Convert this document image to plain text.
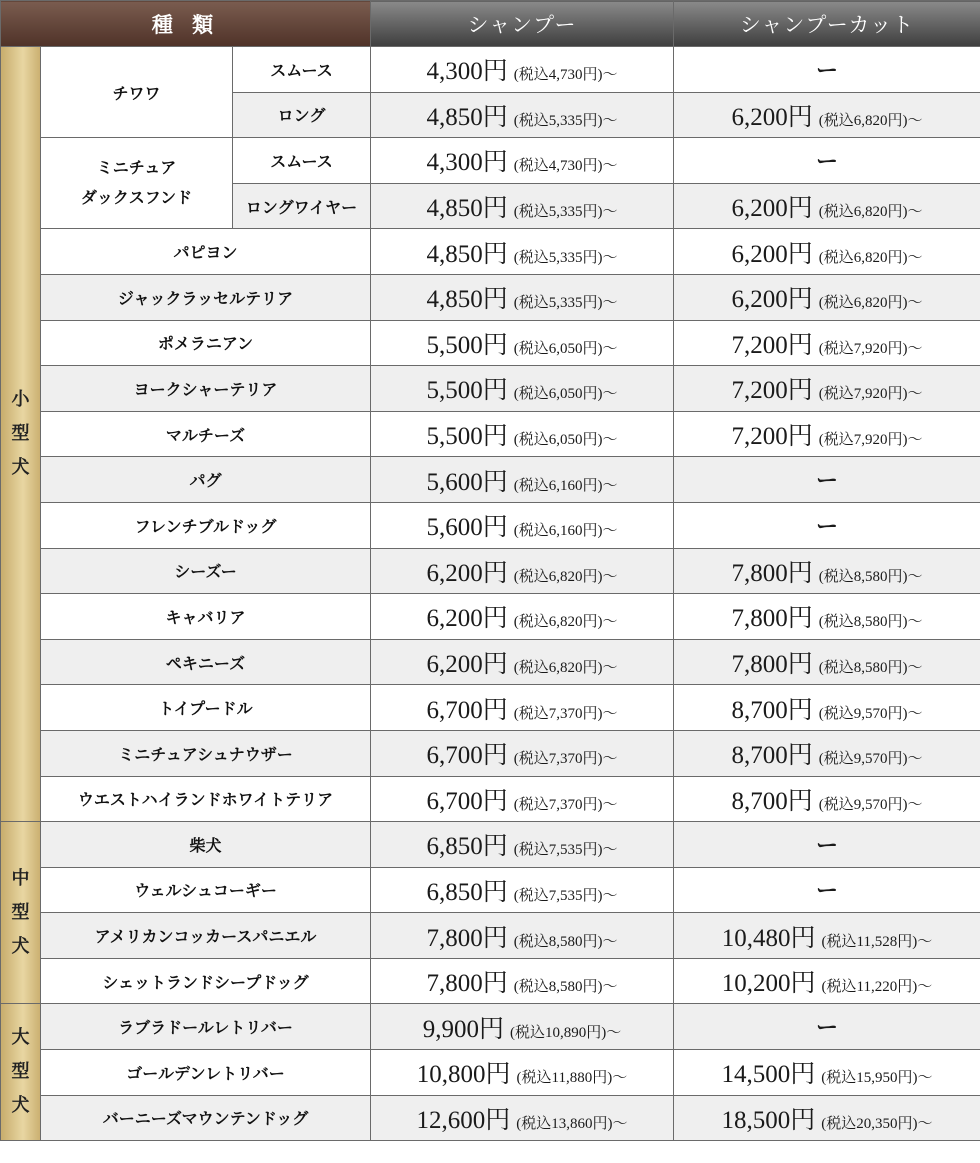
種 類			シャンプー	シャンプーカット

小
型
犬	チワワ	スムース	4,300円 (税込4,730円)～	ー
		ロング	4,850円 (税込5,335円)～	6,200円 (税込6,820円)～

	ミニチュア
ダックスフンド	スムース	4,300円 (税込4,730円)～	ー
		ロングワイヤー	4,850円 (税込5,335円)～	6,200円 (税込6,820円)～
	パピヨン		4,850円 (税込5,335円)～	6,200円 (税込6,820円)～
	ジャックラッセルテリア		4,850円 (税込5,335円)～	6,200円 (税込6,820円)～
	ポメラニアン		5,500円 (税込6,050円)～	7,200円 (税込7,920円)～
	ヨークシャーテリア		5,500円 (税込6,050円)～	7,200円 (税込7,920円)～
	マルチーズ		5,500円 (税込6,050円)～	7,200円 (税込7,920円)～
	パグ		5,600円 (税込6,160円)～	ー
	フレンチブルドッグ		5,600円 (税込6,160円)～	ー
	シーズー		6,200円 (税込6,820円)～	7,800円 (税込8,580円)～
	キャバリア		6,200円 (税込6,820円)～	7,800円 (税込8,580円)～
	ペキニーズ		6,200円 (税込6,820円)～	7,800円 (税込8,580円)～
	トイプードル		6,700円 (税込7,370円)～	8,700円 (税込9,570円)～
	ミニチュアシュナウザー		6,700円 (税込7,370円)～	8,700円 (税込9,570円)～
	ウエストハイランドホワイトテリア		6,700円 (税込7,370円)～	8,700円 (税込9,570円)～

中
型
犬	柴犬		6,850円 (税込7,535円)～	ー
	ウェルシュコーギー		6,850円 (税込7,535円)～	ー
	アメリカンコッカースパニエル		7,800円 (税込8,580円)～	10,480円 (税込11,528円)～
	シェットランドシープドッグ		7,800円 (税込8,580円)～	10,200円 (税込11,220円)～

大
型
犬	ラブラドールレトリバー		9,900円 (税込10,890円)～	ー
	ゴールデンレトリバー		10,800円 (税込11,880円)～	14,500円 (税込15,950円)～
	バーニーズマウンテンドッグ		12,600円 (税込13,860円)～	18,500円 (税込20,350円)～
